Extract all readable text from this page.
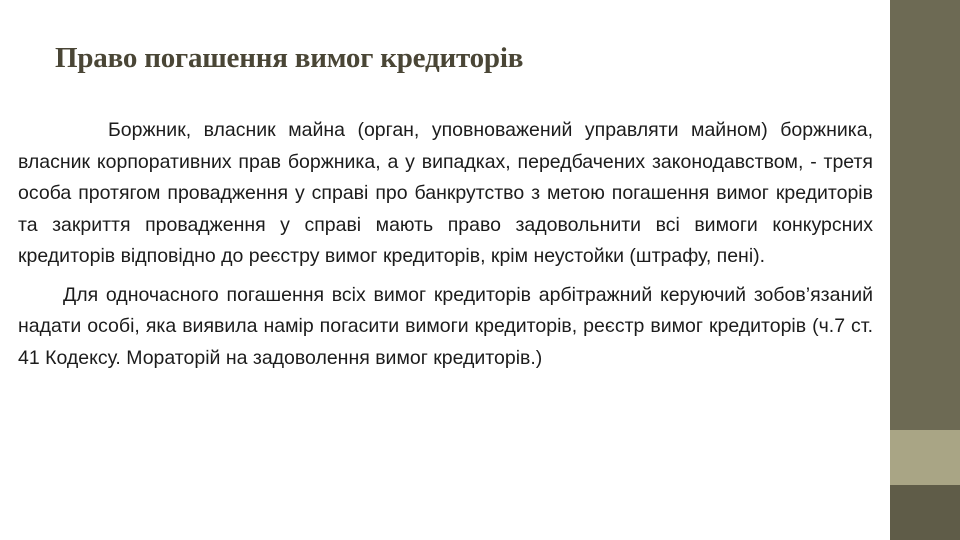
Право погашення вимог кредиторів

Боржник, власник майна (орган, уповноважений управляти майном) боржника, власник корпоративних прав боржника, а у випадках, передбачених законодавством, - третя особа протягом провадження у справі про банкрутство з метою погашення вимог кредиторів та закриття провадження у справі мають право задовольнити всі вимоги конкурсних кредиторів відповідно до реєстру вимог кредиторів, крім неустойки (штрафу, пені).

Для одночасного погашення всіх вимог кредиторів арбітражний керуючий зобов’язаний надати особі, яка виявила намір погасити вимоги кредиторів, реєстр вимог кредиторів (ч.7 ст. 41 Кодексу. Мораторій на задоволення вимог кредиторів.)
